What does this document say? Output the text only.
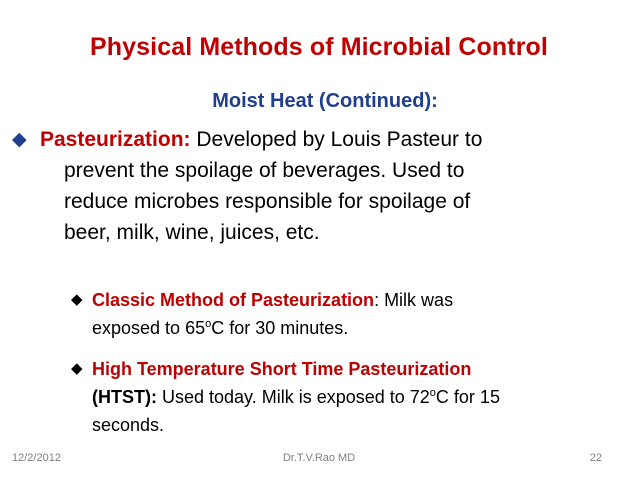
Physical Methods of Microbial Control
Moist Heat (Continued):
◆ Pasteurization: Developed by Louis Pasteur to
prevent the spoilage of beverages. Used to
reduce microbes responsible for spoilage of
beer, milk, wine, juices, etc.
◆ Classic Method of Pasteurization: Milk was
exposed to 65$^o$C for 30 minutes.
◆ High Temperature Short Time Pasteurization
(HTST): Used today. Milk is exposed to 72$^o$C for 15
seconds.
12/2/2012	Dr.T.V.Rao MD	22
